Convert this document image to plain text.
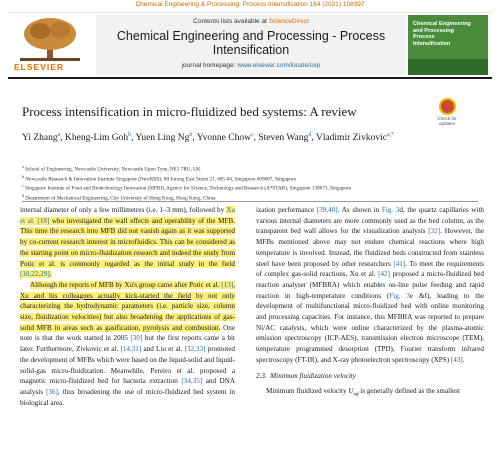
Chemical Engineering & Processing: Process Intensification 164 (2021) 108397
ELSEVIER
Contents lists available at ScienceDirect
Chemical Engineering and Processing - Process Intensification
journal homepage: www.elsevier.com/locate/cep
Chemical Engineering and Processing Process Intensification
Process intensification in micro-fluidized bed systems: A review	Check for updates
Yi Zhang$^a$, Kheng-Lim Goh$^b$, Yuen Ling Ng$^b$, Yvonne Chow$^c$, Steven Wang$^d$, Vladimir Zivkovic$^{a,*}$
$^a$ School of Engineering, Newcastle University, Newcastle Upon Tyne, NE1 7RU, UK
$^b$ Newcastle Research & Innovation Institute Singapore (NewRIIS), 80 Jurong East Street 21, #05-04, Singapore 609607, Singapore
$^c$ Singapore Institute of Food and Biotechnology Innovation (SIFBI), Agency for Science, Technology and Research (A*STAR), Singapore 138673, Singapore
$^d$ Department of Mechanical Engineering, City University of Hong Kong, Hong Kong, China

internal diameter of only a few millimetres (i.e. 1–3 mm), followed by Xu et al. [18] who investigated the wall effects and operability of the MFB. This time the research into MFB did not vanish again as it was supported by co-current research interest in microfluidics. This can be considered as the starting point on micro-fluidization research and indeed the study from Potic et al. is commonly regarded as the initial study in the field [18,22,29].

Although the reports of MFB by Xu's group came after Potic et al. [13], Xu and his colleagues actually kick-started the field by not only characterizing the hydrodynamic parameters (i.e. particle size, column size, fluidization velocities) but also broadening the applications of gas-solid MFB in areas such as gasification, pyrolysis and combustion. One note is that the work started in 2005 [30] but the first reports came a bit later. Furthermore, Zivkovic et al. [14,31] and Liu et al. [32,33] promoted the development of MFBs which were based on the liquid-solid and liquid-solid-gas micro-fluidization. Meanwhile, Pereiro et al. proposed a magnetic micro-fluidized bed for bacteria extraction [34,35] and DNA analysis [36], thus broadening the use of micro-fluidized bed system in biological area.

ization performance [39,40]. As shown in Fig. 3d, the quartz capillaries with various internal diameters are more commonly used as the bed column, as the transparent bed wall allows for the visualization analysis [32]. However, the MFBs mentioned above may not endure chemical reactions where high temperature is involved. Instead, the fluidized beds constructed from stainless steel have been proposed by other researchers [41]. To meet the requirements of complex gas-solid reactions, Xu et al. [42] proposed a micro-fluidized bed reaction analyser (MFBRA) which enables on-line pulse feeding and rapid reaction in high-temperature conditions (Fig. 3e &f), leading to the development of multifunctional micro-fluidized bed with online monitoring and processing capacities. For instance, this MFBRA was reported to prepare Ni/AC catalysts, which were online characterized by the plasma-atomic emission spectroscopy (ICP-AES), transmission electron microscope (TEM), temperature programmed desorption (TPD), Fourier transform infrared spectroscopy (FT-IR), and X-ray photoelectron spectroscopy (XPS) [43].

2.3.  Minimum fluidization velocity

Minimum fluidized velocity $U_{mf}$ is generally defined as the smallest
